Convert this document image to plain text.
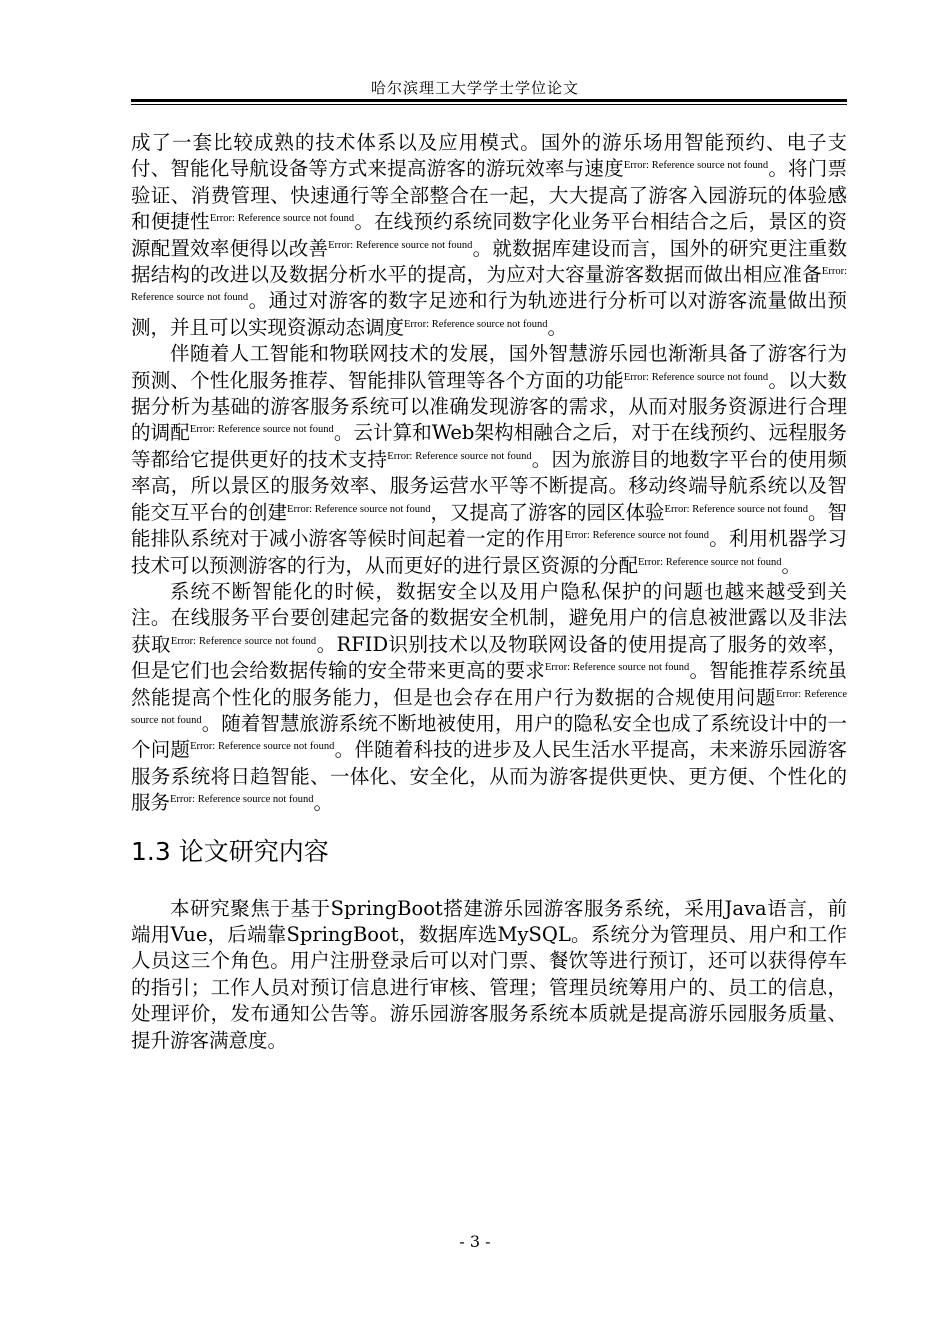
哈尔滨理工大学学士学位论文

成了一套比较成熟的技术体系以及应用模式。国外的游乐场用智能预约、电子支付、智能化导航设备等方式来提高游客的游玩效率与速度$^{Error: Reference source not found}$。将门票验证、消费管理、快速通行等全部整合在一起，大大提高了游客入园游玩的体验感和便捷性$^{Error: Reference source not found}$。在线预约系统同数字化业务平台相结合之后，景区的资源配置效率便得以改善$^{Error: Reference source not found}$。就数据库建设而言，国外的研究更注重数据结构的改进以及数据分析水平的提高，为应对大容量游客数据而做出相应准备$^{Error: Reference source not found}$。通过对游客的数字足迹和行为轨迹进行分析可以对游客流量做出预测，并且可以实现资源动态调度$^{Error: Reference source not found}$。

伴随着人工智能和物联网技术的发展，国外智慧游乐园也渐渐具备了游客行为预测、个性化服务推荐、智能排队管理等各个方面的功能$^{Error: Reference source not found}$。以大数据分析为基础的游客服务系统可以准确发现游客的需求，从而对服务资源进行合理的调配$^{Error: Reference source not found}$。云计算和Web架构相融合之后，对于在线预约、远程服务等都给它提供更好的技术支持$^{Error: Reference source not found}$。因为旅游目的地数字平台的使用频率高，所以景区的服务效率、服务运营水平等不断提高。移动终端导航系统以及智能交互平台的创建$^{Error: Reference source not found}$，又提高了游客的园区体验$^{Error: Reference source not found}$。智能排队系统对于减小游客等候时间起着一定的作用$^{Error: Reference source not found}$。利用机器学习技术可以预测游客的行为，从而更好的进行景区资源的分配$^{Error: Reference source not found}$。

系统不断智能化的时候，数据安全以及用户隐私保护的问题也越来越受到关注。在线服务平台要创建起完备的数据安全机制，避免用户的信息被泄露以及非法获取$^{Error: Reference source not found}$。RFID识别技术以及物联网设备的使用提高了服务的效率，但是它们也会给数据传输的安全带来更高的要求$^{Error: Reference source not found}$。智能推荐系统虽然能提高个性化的服务能力，但是也会存在用户行为数据的合规使用问题$^{Error: Reference source not found}$。随着智慧旅游系统不断地被使用，用户的隐私安全也成了系统设计中的一个问题$^{Error: Reference source not found}$。伴随着科技的进步及人民生活水平提高，未来游乐园游客服务系统将日趋智能、一体化、安全化，从而为游客提供更快、更方便、个性化的服务$^{Error: Reference source not found}$。

1.3 论文研究内容

本研究聚焦于基于SpringBoot搭建游乐园游客服务系统，采用Java语言，前端用Vue，后端靠SpringBoot，数据库选MySQL。系统分为管理员、用户和工作人员这三个角色。用户注册登录后可以对门票、餐饮等进行预订，还可以获得停车的指引；工作人员对预订信息进行审核、管理；管理员统筹用户的、员工的信息，处理评价，发布通知公告等。游乐园游客服务系统本质就是提高游乐园服务质量、提升游客满意度。

- 3 -
